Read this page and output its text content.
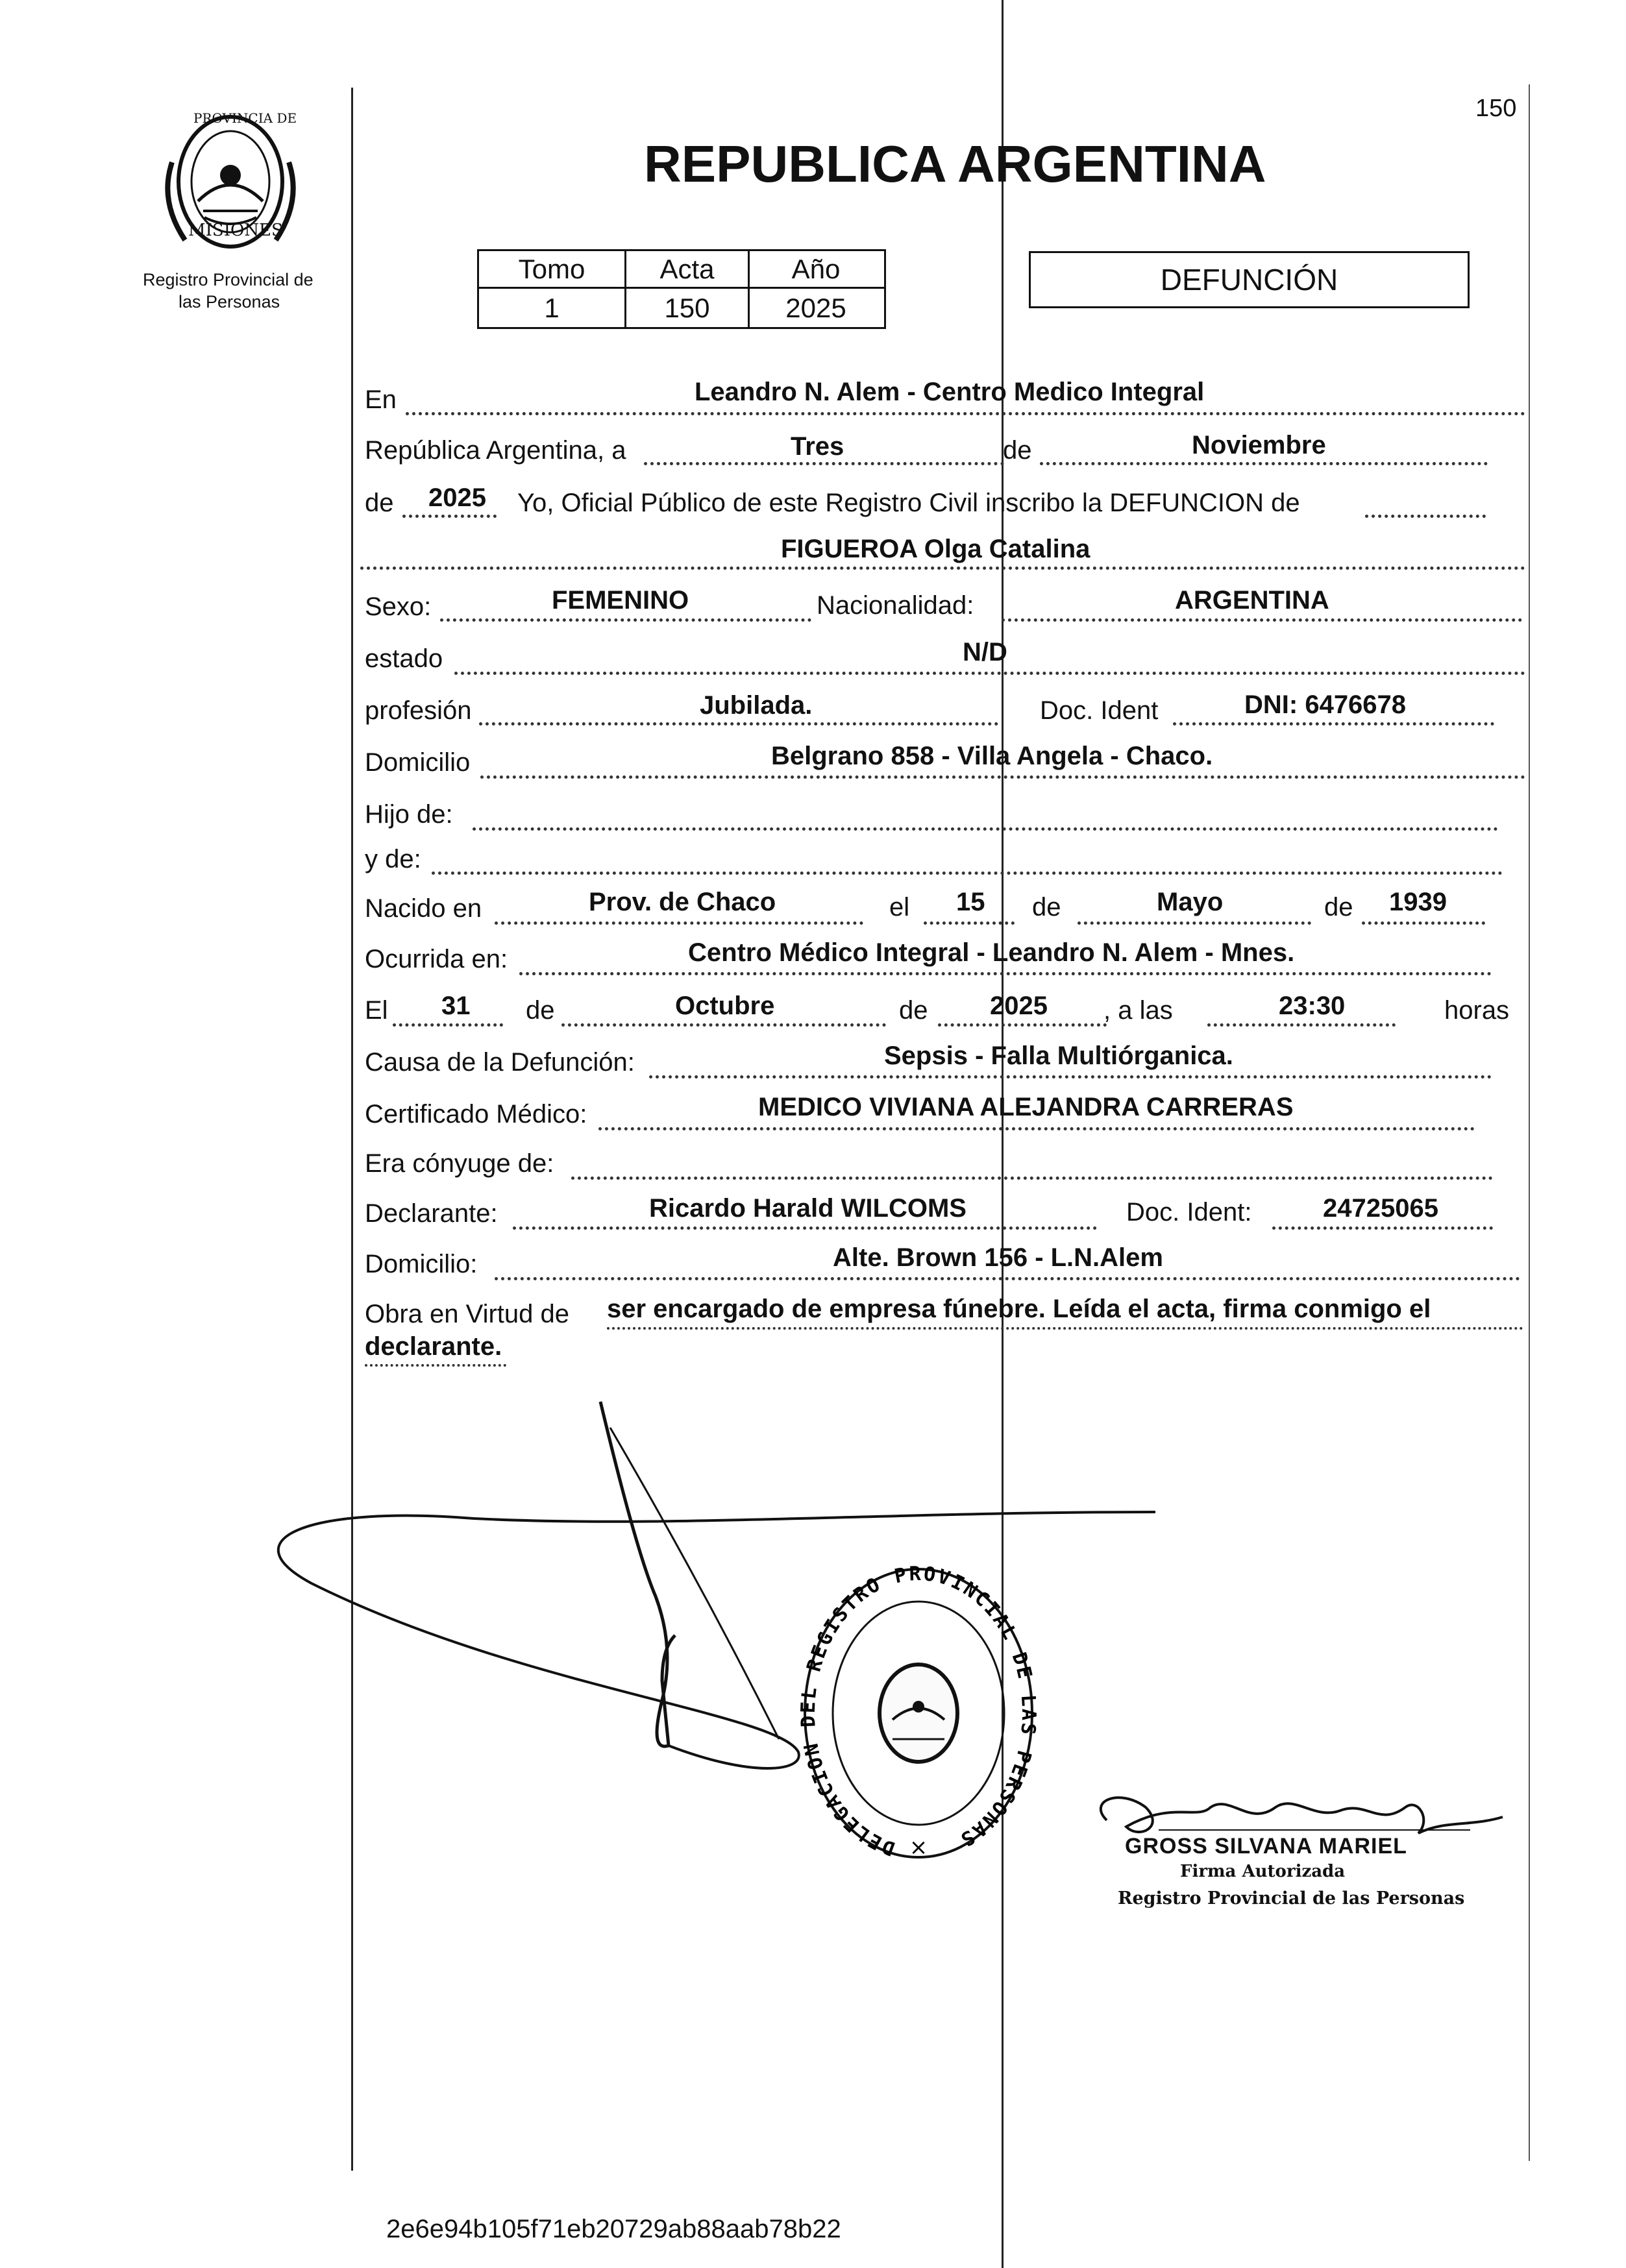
PROVINCIA DE
MISIONES
Registro Provincial de
las Personas
150
REPUBLICA ARGENTINA
Tomo	Acta	Año
1	150	2025
DEFUNCIÓN
En	Leandro N. Alem - Centro Medico Integral
República Argentina, a	Tres	de	Noviembre
de 2025 Yo, Oficial Público de este Registro Civil inscribo la DEFUNCION de
FIGUEROA Olga Catalina
Sexo:	FEMENINO	Nacionalidad:	ARGENTINA
estado	N/D
profesión	Jubilada.	Doc. Ident	DNI: 6476678
Domicilio	Belgrano 858 - Villa Angela - Chaco.
Hijo de:
y de:
Nacido en	Prov. de Chaco	el 15 de	Mayo	de 1939
Ocurrida en:	Centro Médico Integral - Leandro N. Alem - Mnes.
El 31 de	Octubre	de 2025 , a las	23:30	horas
Causa de la Defunción:	Sepsis - Falla Multiórganica.
Certificado Médico:	MEDICO VIVIANA ALEJANDRA CARRERAS
Era cónyuge de:
Declarante:	Ricardo Harald WILCOMS	Doc. Ident:	24725065
Domicilio:	Alte. Brown 156 - L.N.Alem
Obra en Virtud de ser encargado de empresa fúnebre. Leída el acta, firma conmigo el
declarante.
×
DELEGACION DEL REGISTRO PROVINCIAL DE LAS PERSONAS	GROSS SILVANA MARIEL
Firma Autorizada
Registro Provincial de las Personas
2e6e94b105f71eb20729ab88aab78b22
